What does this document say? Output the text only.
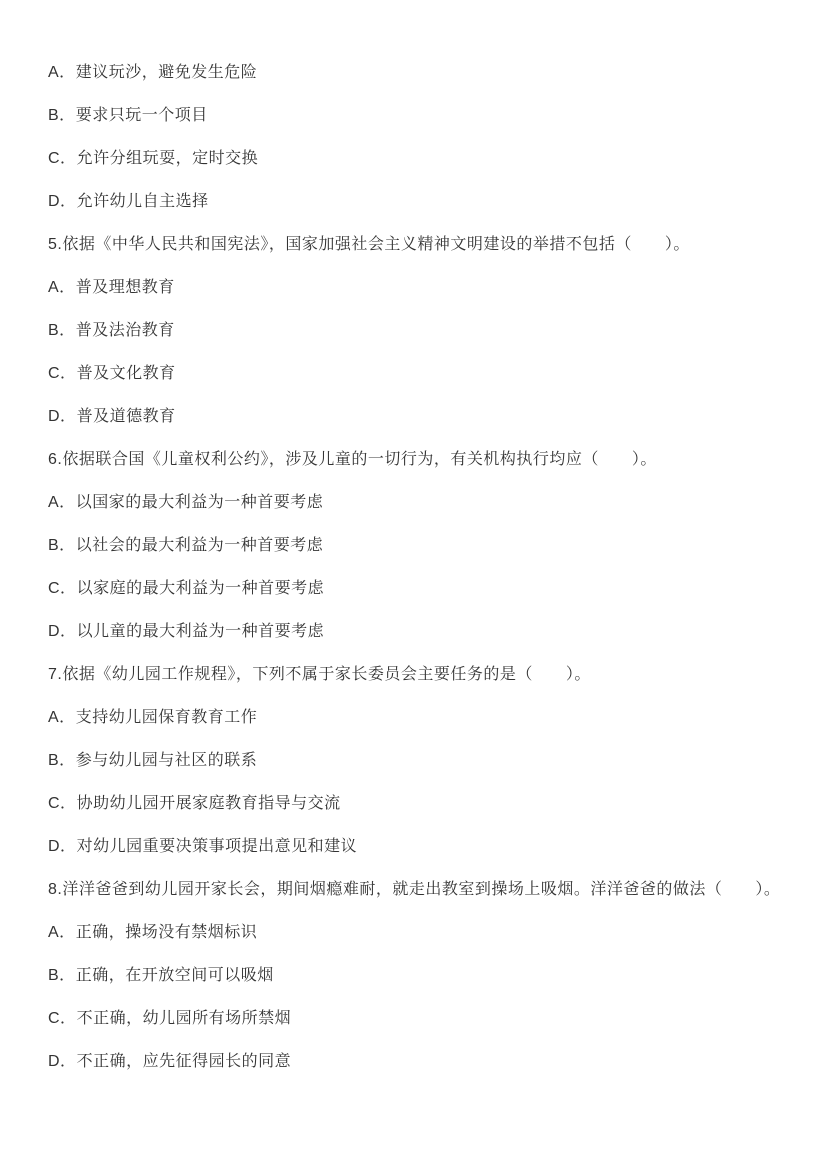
A．建议玩沙，避免发生危险
B．要求只玩一个项目
C．允许分组玩耍，定时交换
D．允许幼儿自主选择
5.依据《中华人民共和国宪法》，国家加强社会主义精神文明建设的举措不包括（　　）。
A．普及理想教育
B．普及法治教育
C．普及文化教育
D．普及道德教育
6.依据联合国《儿童权利公约》，涉及儿童的一切行为，有关机构执行均应（　　）。
A．以国家的最大利益为一种首要考虑
B．以社会的最大利益为一种首要考虑
C．以家庭的最大利益为一种首要考虑
D．以儿童的最大利益为一种首要考虑
7.依据《幼儿园工作规程》，下列不属于家长委员会主要任务的是（　　）。
A．支持幼儿园保育教育工作
B．参与幼儿园与社区的联系
C．协助幼儿园开展家庭教育指导与交流
D．对幼儿园重要决策事项提出意见和建议
8.洋洋爸爸到幼儿园开家长会，期间烟瘾难耐，就走出教室到操场上吸烟。洋洋爸爸的做法（　　）。
A．正确，操场没有禁烟标识
B．正确，在开放空间可以吸烟
C．不正确，幼儿园所有场所禁烟
D．不正确，应先征得园长的同意
